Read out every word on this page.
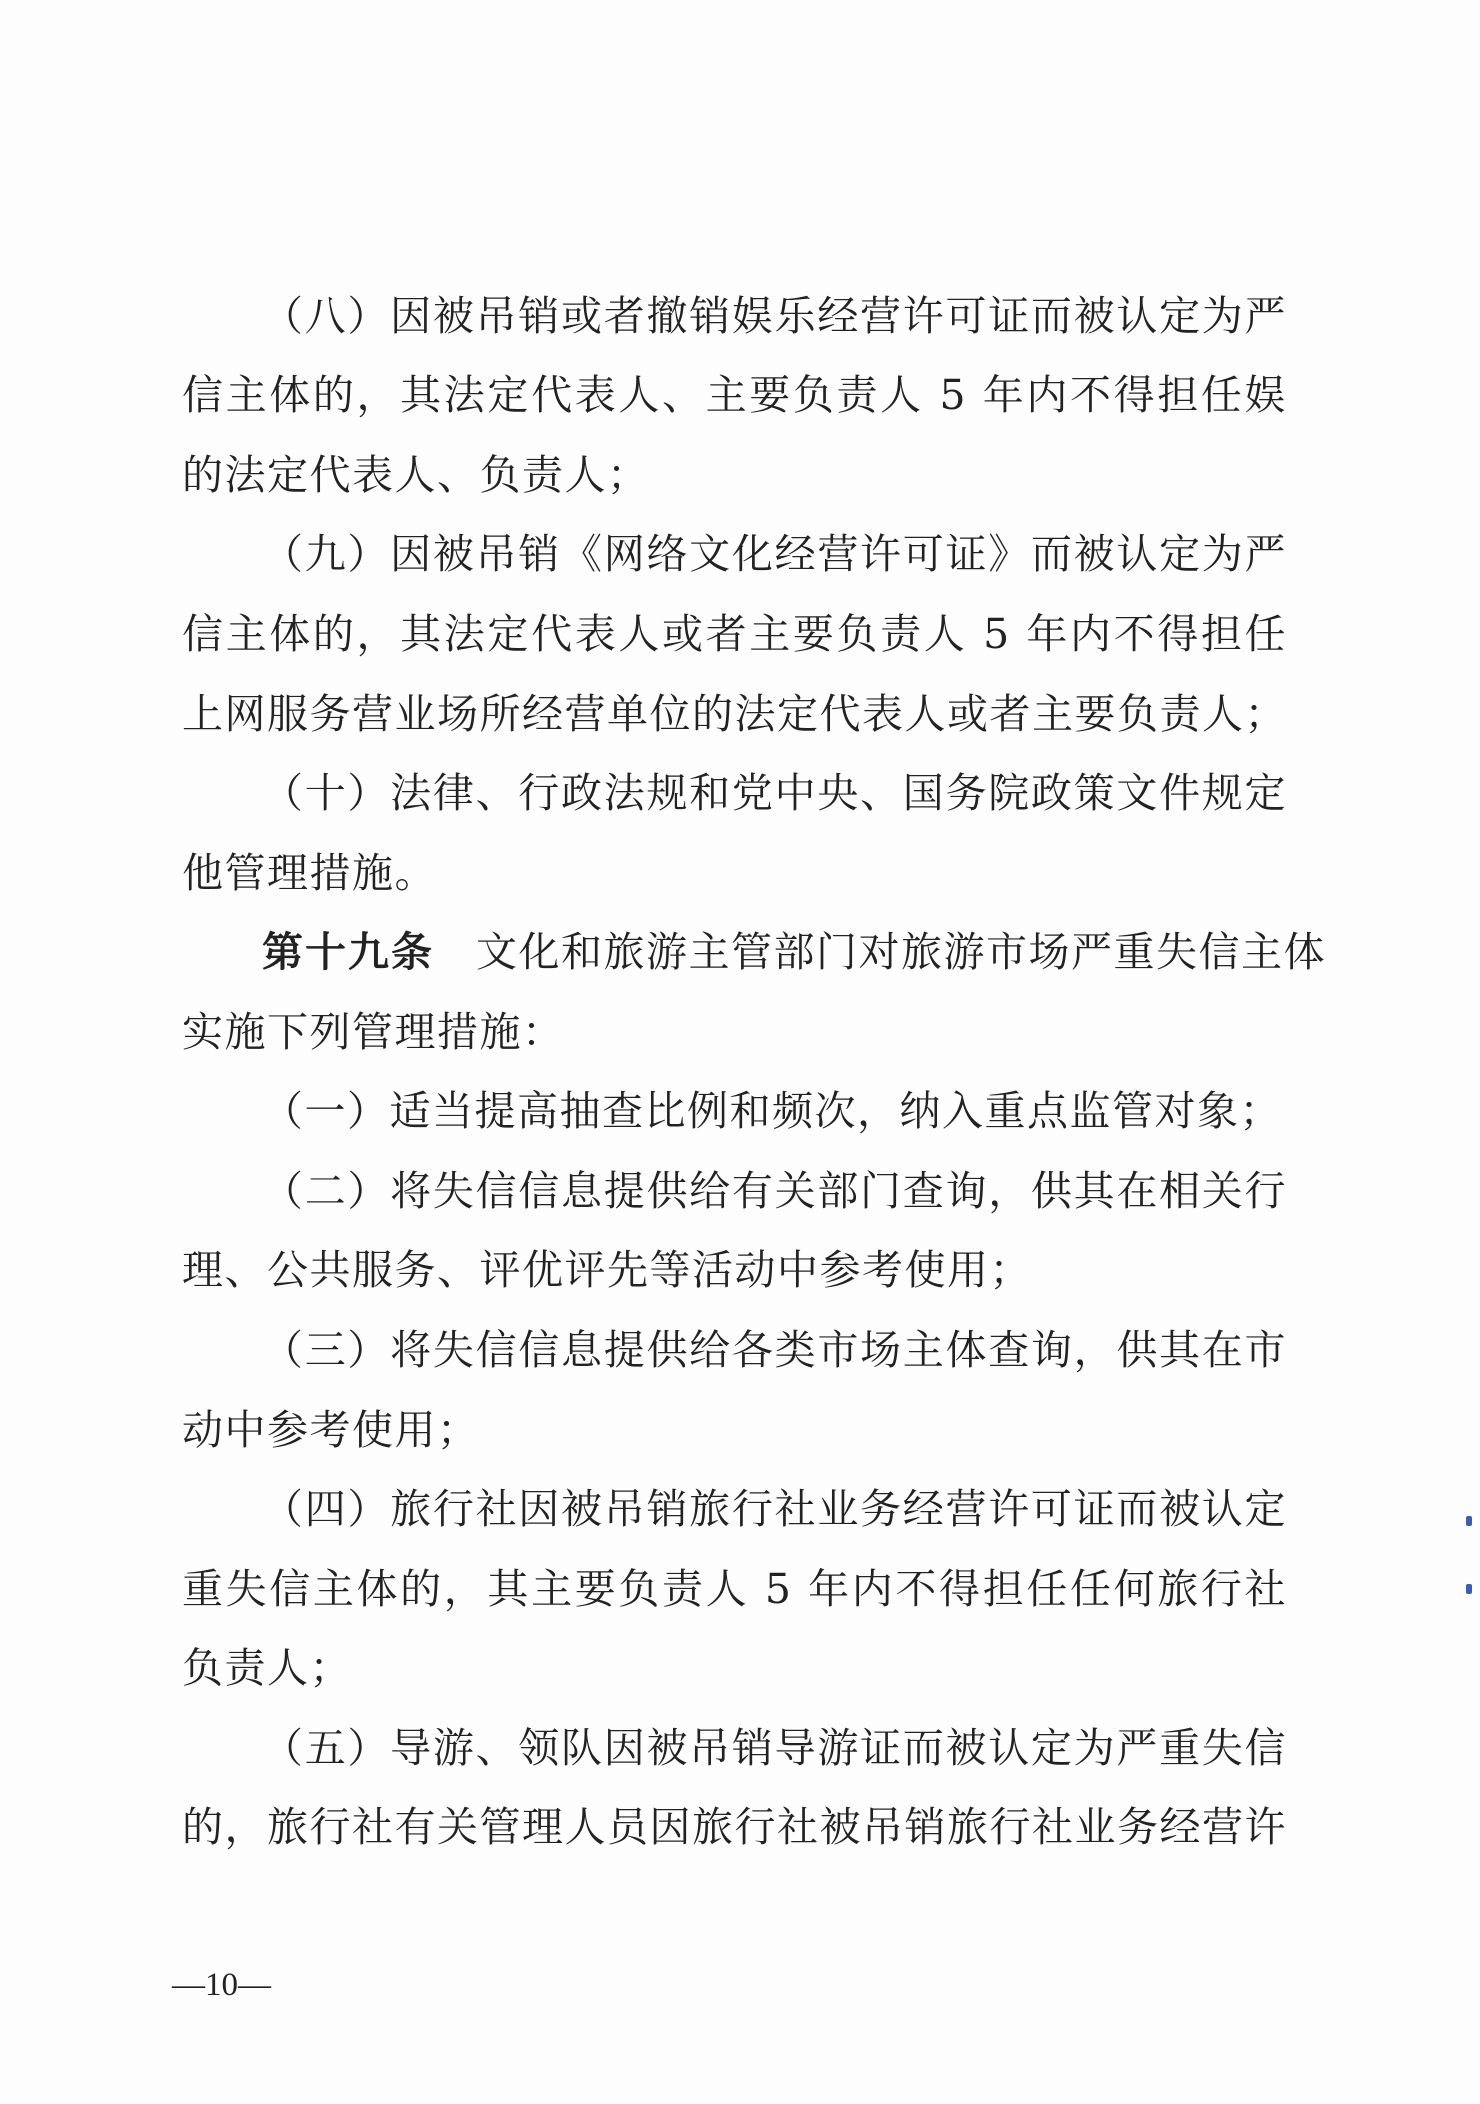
（八）因被吊销或者撤销娱乐经营许可证而被认定为严
信主体的，其法定代表人、主要负责人 5 年内不得担任娱
的法定代表人、负责人；
（九）因被吊销《网络文化经营许可证》而被认定为严
信主体的，其法定代表人或者主要负责人 5 年内不得担任
上网服务营业场所经营单位的法定代表人或者主要负责人；
（十）法律、行政法规和党中央、国务院政策文件规定
他管理措施。
第十九条 文化和旅游主管部门对旅游市场严重失信主体
实施下列管理措施：
（一）适当提高抽查比例和频次，纳入重点监管对象；
（二）将失信信息提供给有关部门查询，供其在相关行
理、公共服务、评优评先等活动中参考使用；
（三）将失信信息提供给各类市场主体查询，供其在市
动中参考使用；
（四）旅行社因被吊销旅行社业务经营许可证而被认定
重失信主体的，其主要负责人 5 年内不得担任任何旅行社
负责人；
（五）导游、领队因被吊销导游证而被认定为严重失信
的，旅行社有关管理人员因旅行社被吊销旅行社业务经营许
—10—
